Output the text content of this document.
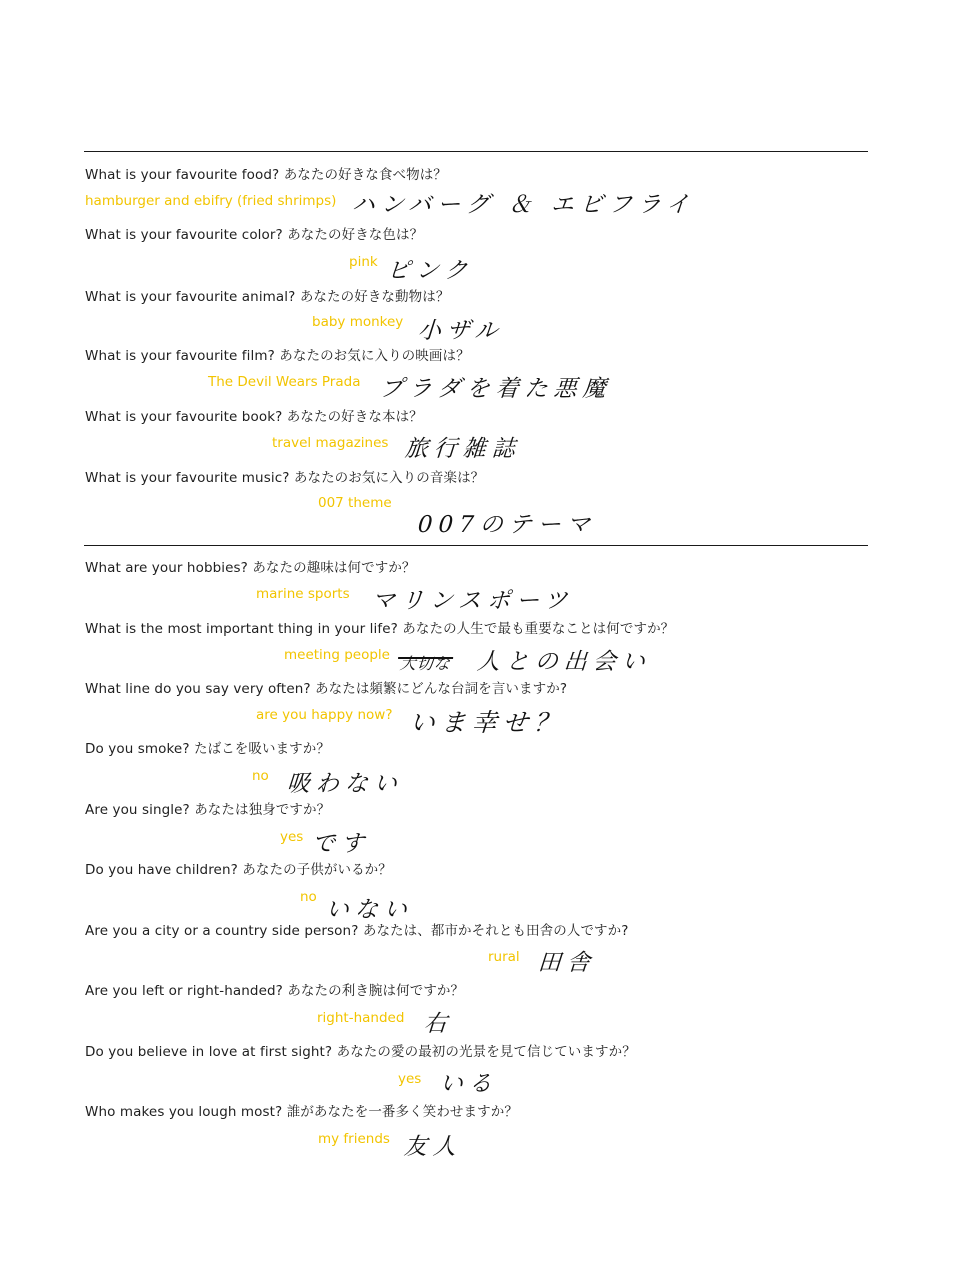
What is your favourite food? あなたの好きな食べ物は？
hamburger and ebifry (fried shrimps) ハンバーグ ＆ エビフライ
What is your favourite color? あなたの好きな色は？
pink ピンク
What is your favourite animal? あなたの好きな動物は？
baby monkey 小ザル
What is your favourite film? あなたのお気に入りの映画は？
The Devil Wears Prada プラダを着た悪魔
What is your favourite book? あなたの好きな本は？
travel magazines 旅行雑誌
What is your favourite music? あなたのお気に入りの音楽は？
007 theme
007のテーマ
What are your hobbies? あなたの趣味は何ですか？
marine sports マリンスポーツ
What is the most important thing in your life? あなたの人生で最も重要なことは何ですか？
meeting people 大切な 人との出会い
What line do you say very often? あなたは頻繁にどんな台詞を言いますか?
are you happy now? いま幸せ？
Do you smoke? たばこを吸いますか？
no 吸わない
Are you single? あなたは独身ですか？
yes です
Do you have children? あなたの子供がいるか？
no いない
Are you a city or a country side person? あなたは、都市かそれとも田舎の人ですか?
rural 田舎
Are you left or right-handed? あなたの利き腕は何ですか？
right-handed 右
Do you believe in love at first sight? あなたの愛の最初の光景を見て信じていますか？
yes いる
Who makes you lough most? 誰があなたを一番多く笑わせますか？
my friends 友人
